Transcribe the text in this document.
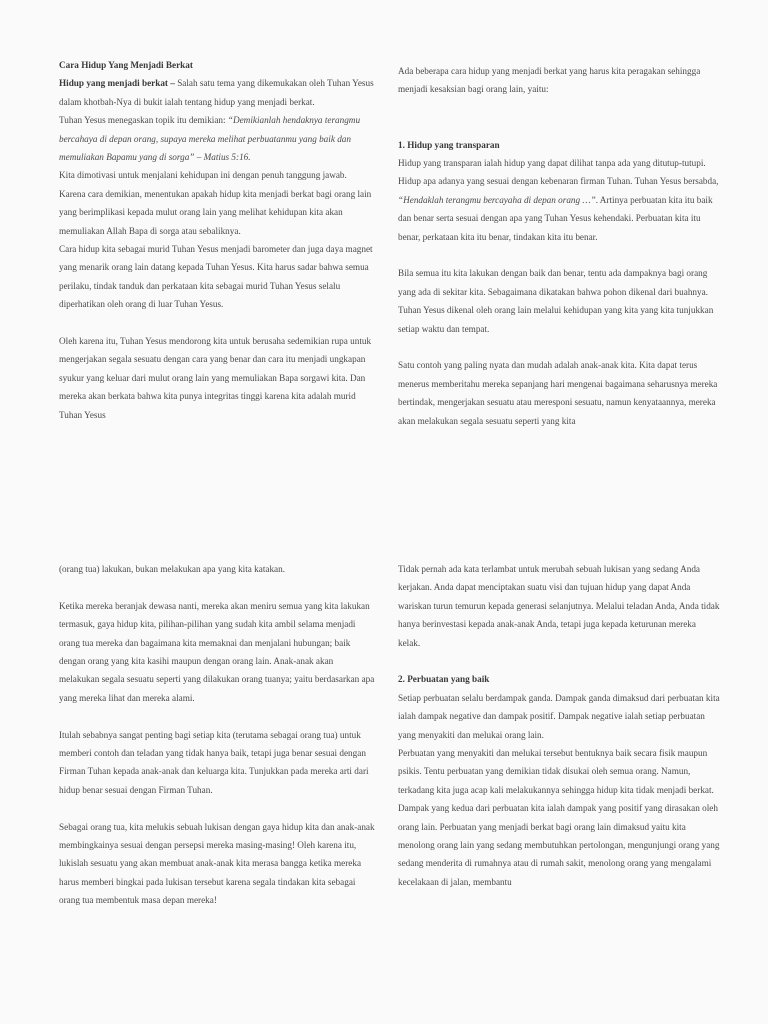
Cara Hidup Yang Menjadi Berkat

Hidup yang menjadi berkat – Salah satu tema yang dikemukakan oleh Tuhan Yesus dalam khotbah-Nya di bukit ialah tentang hidup yang menjadi berkat.

Tuhan Yesus menegaskan topik itu demikian: “Demikianlah hendaknya terangmu bercahaya di depan orang, supaya mereka melihat perbuatanmu yang baik dan memuliakan Bapamu yang di sorga” – Matius 5:16.

Kita dimotivasi untuk menjalani kehidupan ini dengan penuh tanggung jawab. Karena cara demikian, menentukan apakah hidup kita menjadi berkat bagi orang lain yang berimplikasi kepada mulut orang lain yang melihat kehidupan kita akan memuliakan Allah Bapa di sorga atau sebaliknya.

Cara hidup kita sebagai murid Tuhan Yesus menjadi barometer dan juga daya magnet yang menarik orang lain datang kepada Tuhan Yesus. Kita harus sadar bahwa semua perilaku, tindak tanduk dan perkataan kita sebagai murid Tuhan Yesus selalu diperhatikan oleh orang di luar Tuhan Yesus.

Oleh karena itu, Tuhan Yesus mendorong kita untuk berusaha sedemikian rupa untuk mengerjakan segala sesuatu dengan cara yang benar dan cara itu menjadi ungkapan syukur yang keluar dari mulut orang lain yang memuliakan Bapa sorgawi kita. Dan mereka akan berkata bahwa kita punya integritas tinggi karena kita adalah murid Tuhan Yesus

Ada beberapa cara hidup yang menjadi berkat yang harus kita peragakan sehingga menjadi kesaksian bagi orang lain, yaitu:

1. Hidup yang transparan

Hidup yang transparan ialah hidup yang dapat dilihat tanpa ada yang ditutup-tutupi. Hidup apa adanya yang sesuai dengan kebenaran firman Tuhan. Tuhan Yesus bersabda, “Hendaklah terangmu bercayaha di depan orang …”. Artinya perbuatan kita itu baik dan benar serta sesuai dengan apa yang Tuhan Yesus kehendaki. Perbuatan kita itu benar, perkataan kita itu benar, tindakan kita itu benar.

Bila semua itu kita lakukan dengan baik dan benar, tentu ada dampaknya bagi orang yang ada di sekitar kita. Sebagaimana dikatakan bahwa pohon dikenal dari buahnya. Tuhan Yesus dikenal oleh orang lain melalui kehidupan yang kita yang kita tunjukkan setiap waktu dan tempat.

Satu contoh yang paling nyata dan mudah adalah anak-anak kita. Kita dapat terus menerus memberitahu mereka sepanjang hari mengenai bagaimana seharusnya mereka bertindak, mengerjakan sesuatu atau meresponi sesuatu, namun kenyataannya, mereka akan melakukan segala sesuatu seperti yang kita

(orang tua) lakukan, bukan melakukan apa yang kita katakan.

Ketika mereka beranjak dewasa nanti, mereka akan meniru semua yang kita lakukan termasuk, gaya hidup kita, pilihan-pilihan yang sudah kita ambil selama menjadi orang tua mereka dan bagaimana kita memaknai dan menjalani hubungan; baik dengan orang yang kita kasihi maupun dengan orang lain. Anak-anak akan melakukan segala sesuatu seperti yang dilakukan orang tuanya; yaitu berdasarkan apa yang mereka lihat dan mereka alami.

Itulah sebabnya sangat penting bagi setiap kita (terutama sebagai orang tua) untuk memberi contoh dan teladan yang tidak hanya baik, tetapi juga benar sesuai dengan Firman Tuhan kepada anak-anak dan keluarga kita. Tunjukkan pada mereka arti dari hidup benar sesuai dengan Firman Tuhan.

Sebagai orang tua, kita melukis sebuah lukisan dengan gaya hidup kita dan anak-anak membingkainya sesuai dengan persepsi mereka masing-masing! Oleh karena itu, lukislah sesuatu yang akan membuat anak-anak kita merasa bangga ketika mereka harus memberi bingkai pada lukisan tersebut karena segala tindakan kita sebagai orang tua membentuk masa depan mereka!

Tidak pernah ada kata terlambat untuk merubah sebuah lukisan yang sedang Anda kerjakan. Anda dapat menciptakan suatu visi dan tujuan hidup yang dapat Anda wariskan turun temurun kepada generasi selanjutnya. Melalui teladan Anda, Anda tidak hanya berinvestasi kepada anak-anak Anda, tetapi juga kepada keturunan mereka kelak.

2. Perbuatan yang baik

Setiap perbuatan selalu berdampak ganda. Dampak ganda dimaksud dari perbuatan kita ialah dampak negative dan dampak positif. Dampak negative ialah setiap perbuatan yang menyakiti dan melukai orang lain.

Perbuatan yang menyakiti dan melukai tersebut bentuknya baik secara fisik maupun psikis. Tentu perbuatan yang demikian tidak disukai oleh semua orang. Namun, terkadang kita juga acap kali melakukannya sehingga hidup kita tidak menjadi berkat.

Dampak yang kedua dari perbuatan kita ialah dampak yang positif yang dirasakan oleh orang lain. Perbuatan yang menjadi berkat bagi orang lain dimaksud yaitu kita menolong orang lain yang sedang membutuhkan pertolongan, mengunjungi orang yang sedang menderita di rumahnya atau di rumah sakit, menolong orang yang mengalami kecelakaan di jalan, membantu
